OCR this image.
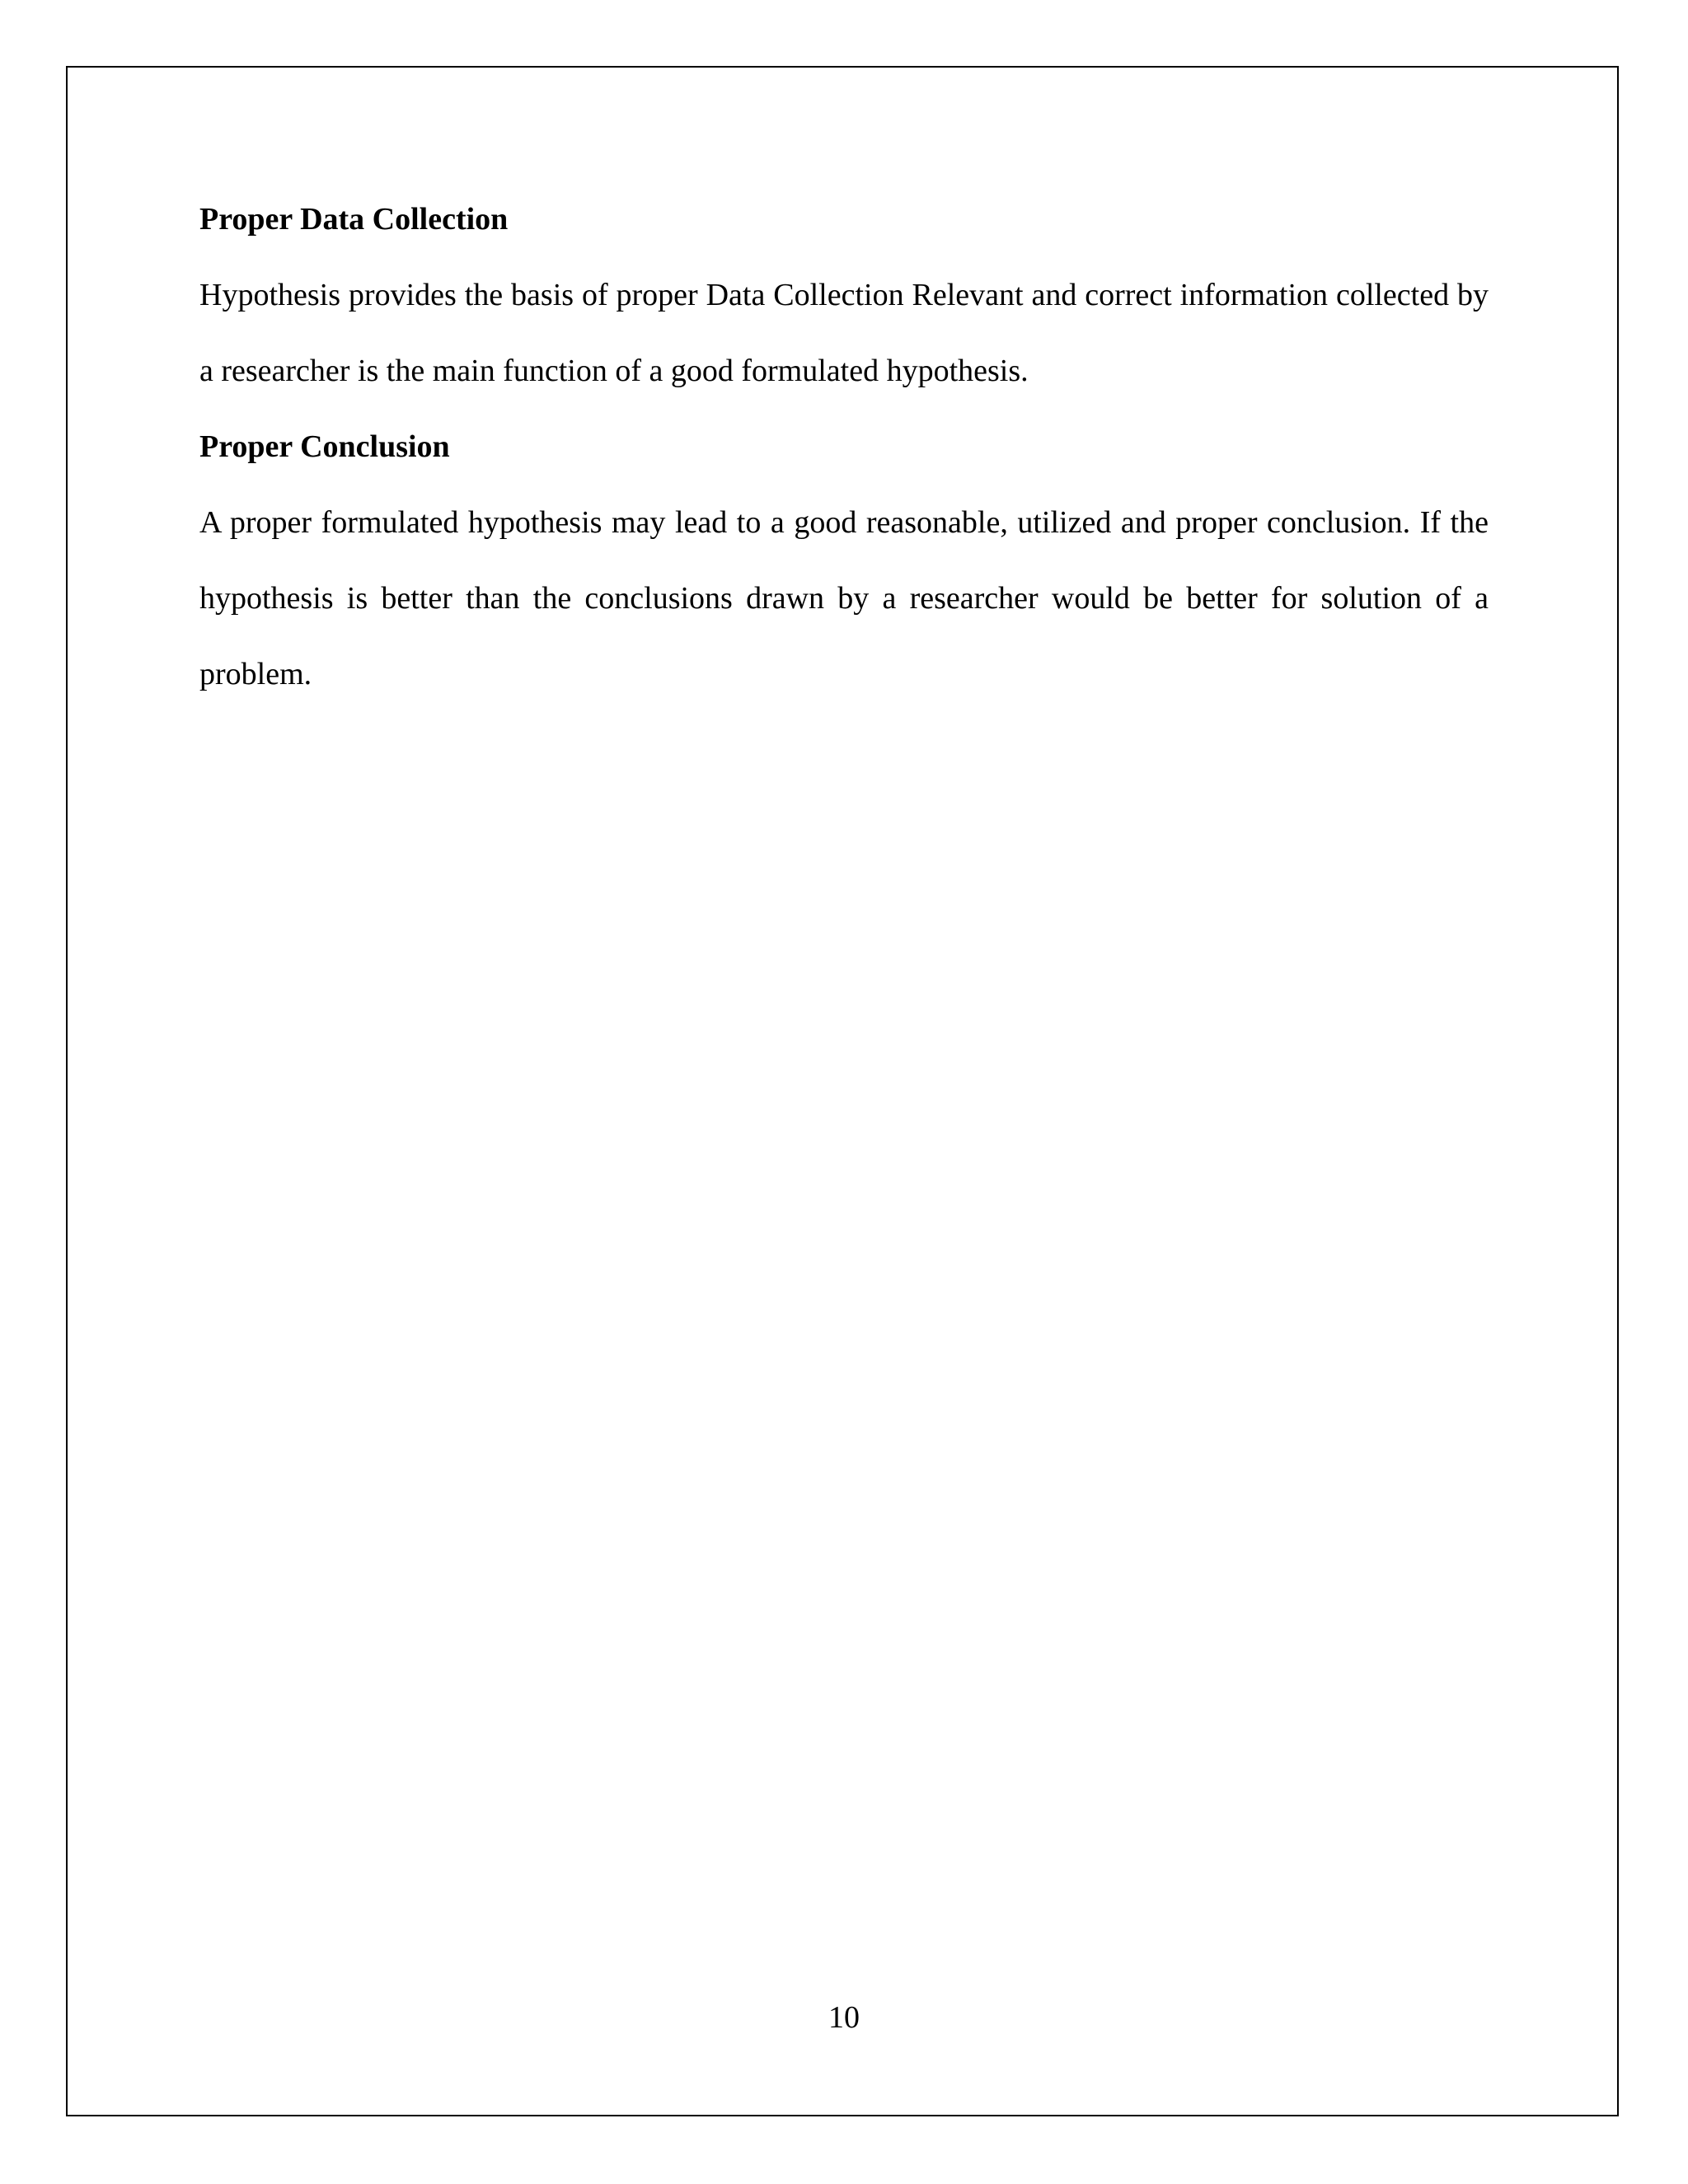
Proper Data Collection

Hypothesis provides the basis of proper Data Collection Relevant and correct information collected by a researcher is the main function of a good formulated hypothesis.

Proper Conclusion

A proper formulated hypothesis may lead to a good reasonable, utilized and proper conclusion. If the hypothesis is better than the conclusions drawn by a researcher would be better for solution of a problem.

10
